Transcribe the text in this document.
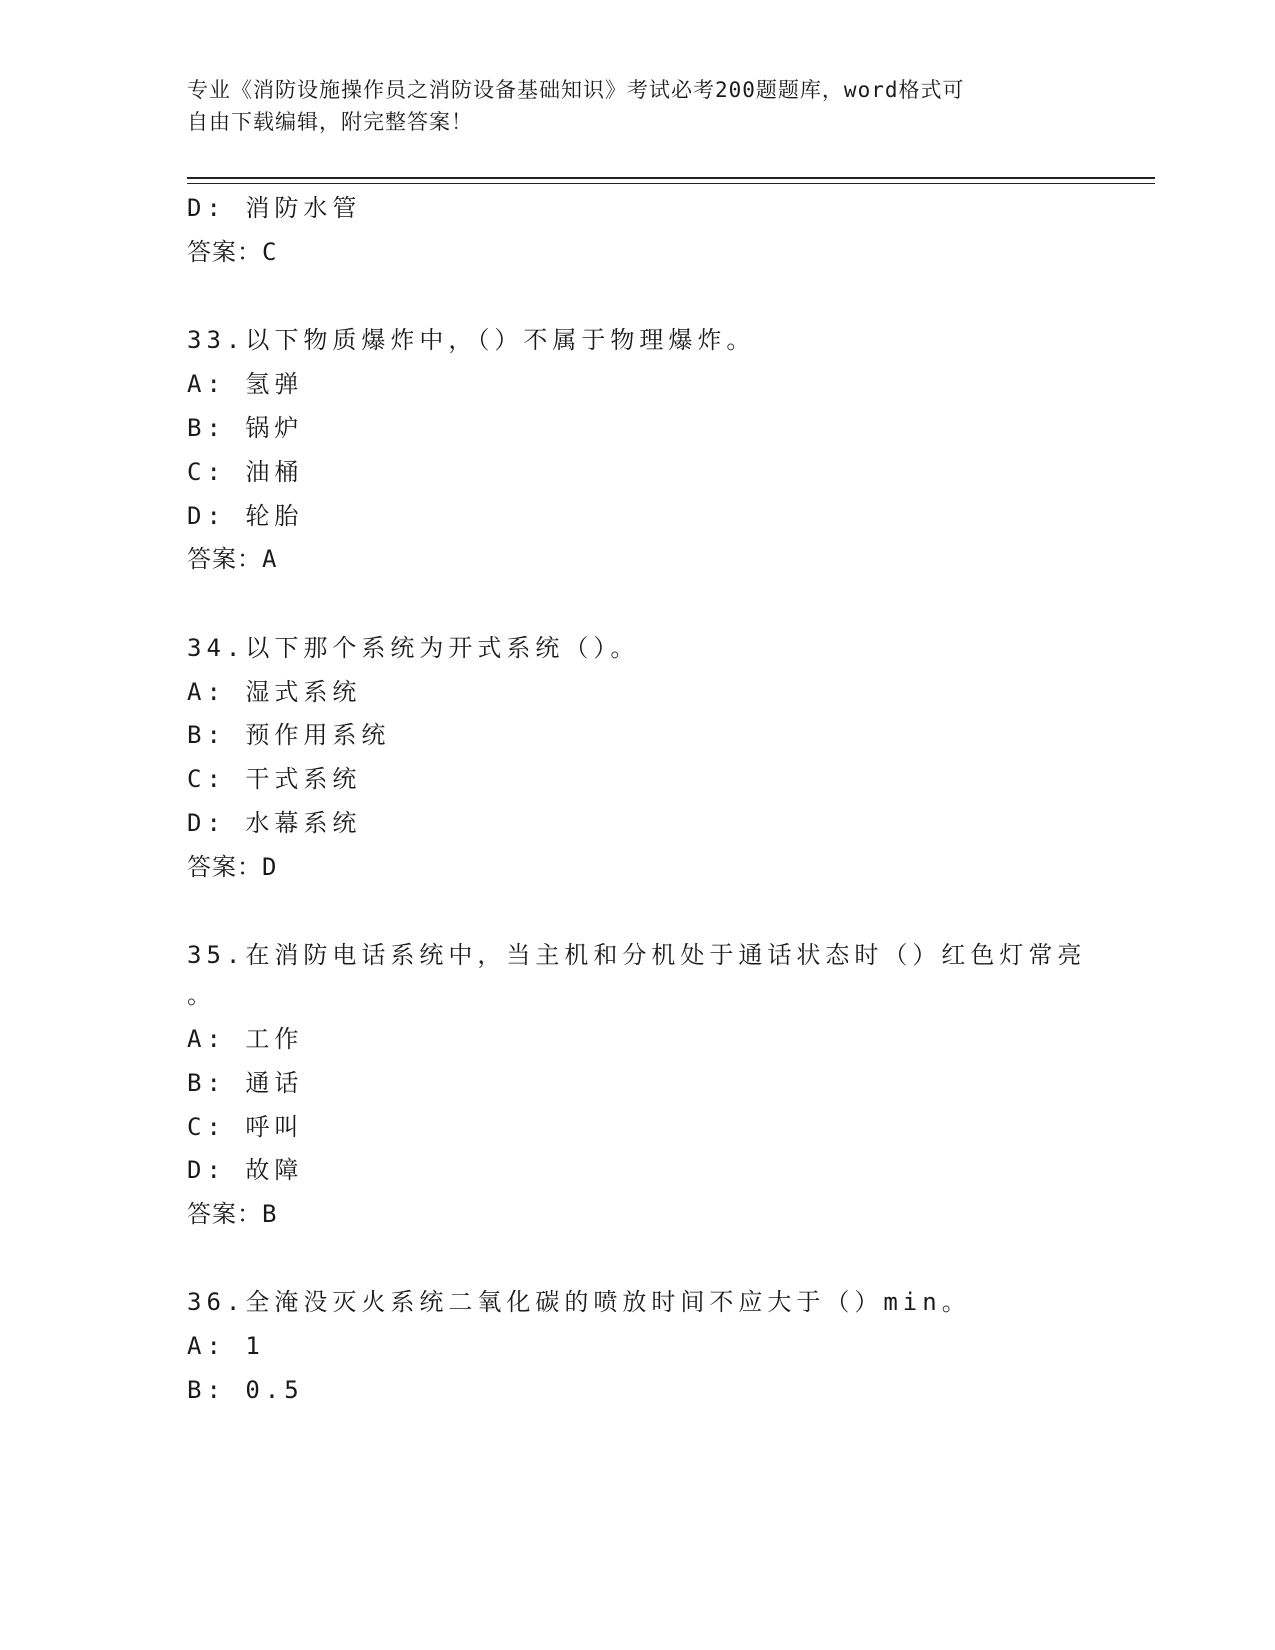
专业《消防设施操作员之消防设备基础知识》考试必考200题题库，word格式可
自由下载编辑，附完整答案！
D: 消防水管
答案：C
33.以下物质爆炸中，（）不属于物理爆炸。
A: 氢弹
B: 锅炉
C: 油桶
D: 轮胎
答案：A
34.以下那个系统为开式系统（）。
A: 湿式系统
B: 预作用系统
C: 干式系统
D: 水幕系统
答案：D
35.在消防电话系统中，当主机和分机处于通话状态时（）红色灯常亮
。
A: 工作
B: 通话
C: 呼叫
D: 故障
答案：B
36.全淹没灭火系统二氧化碳的喷放时间不应大于（）min。
A: 1
B: 0.5
